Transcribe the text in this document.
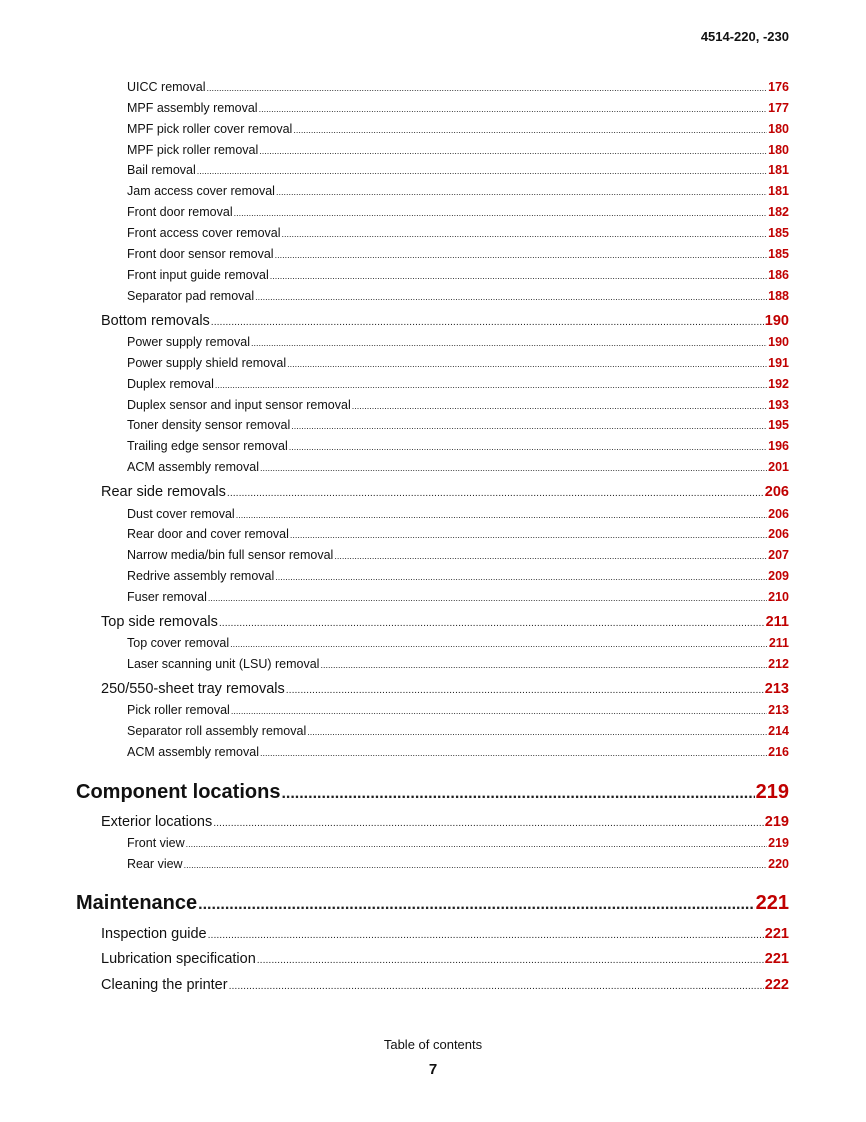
4514-220, -230
UICC removal .....	176
MPF assembly removal .....	177
MPF pick roller cover removal .....	180
MPF pick roller removal .....	180
Bail removal .....	181
Jam access cover removal .....	181
Front door removal .....	182
Front access cover removal .....	185
Front door sensor removal .....	185
Front input guide removal .....	186
Separator pad removal .....	188
Bottom removals .....	190
Power supply removal .....	190
Power supply shield removal .....	191
Duplex removal .....	192
Duplex sensor and input sensor removal .....	193
Toner density sensor removal .....	195
Trailing edge sensor removal .....	196
ACM assembly removal .....	201
Rear side removals .....	206
Dust cover removal .....	206
Rear door and cover removal .....	206
Narrow media/bin full sensor removal .....	207
Redrive assembly removal .....	209
Fuser removal .....	210
Top side removals .....	211
Top cover removal .....	211
Laser scanning unit (LSU) removal .....	212
250/550-sheet tray removals .....	213
Pick roller removal .....	213
Separator roll assembly removal .....	214
ACM assembly removal .....	216
Component locations .....	219
Exterior locations .....	219
Front view .....	219
Rear view .....	220
Maintenance .....	221
Inspection guide .....	221
Lubrication specification .....	221
Cleaning the printer .....	222
Table of contents
7
